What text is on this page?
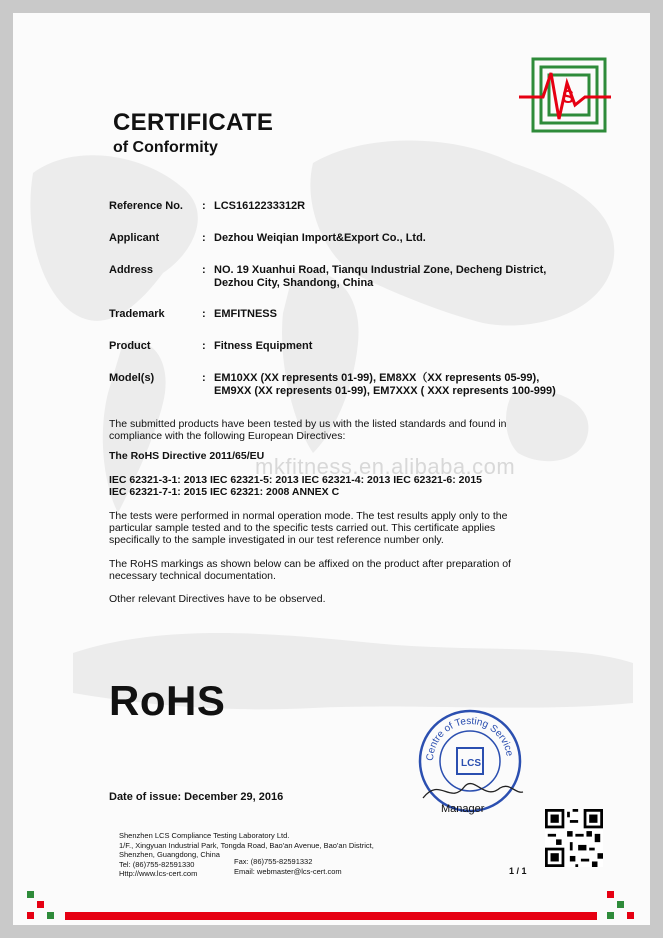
S
CERTIFICATE
of Conformity
Reference No.	: LCS1612233312R
Applicant	: Dezhou Weiqian Import&Export Co., Ltd.
Address	: NO. 19 Xuanhui Road, Tianqu Industrial Zone, Decheng District,
Dezhou City, Shandong, China
Trademark	: EMFITNESS
Product	: Fitness Equipment
Model(s)	: EM10XX (XX represents 01-99), EM8XX（XX represents 05-99),
EM9XX (XX represents 01-99), EM7XXX ( XXX represents 100-999)
The submitted products have been tested by us with the listed standards and found in
compliance with the following European Directives:
The RoHS Directive 2011/65/EU
IEC 62321-3-1: 2013 IEC 62321-5: 2013 IEC 62321-4: 2013 IEC 62321-6: 2015
IEC 62321-7-1: 2015 IEC 62321: 2008 ANNEX C
mkfitness.en.alibaba.com
The tests were performed in normal operation mode. The test results apply only to the
particular sample tested and to the specific tests carried out. This certificate applies
specifically to the sample investigated in our test reference number only.
The RoHS markings as shown below can be affixed on the product after preparation of
necessary technical documentation.
Other relevant Directives have to be observed.
RoHS
Centre of Testing Service
LCS
Date of issue: December 29, 2016
Manager
Shenzhen LCS Compliance Testing Laboratory Ltd.
1/F., Xingyuan Industrial Park, Tongda Road, Bao'an Avenue, Bao'an District,
Shenzhen, Guangdong, China
Tel: (86)755-82591330
Http://www.lcs-cert.com
Fax: (86)755-82591332
Email: webmaster@lcs-cert.com	1 / 1
